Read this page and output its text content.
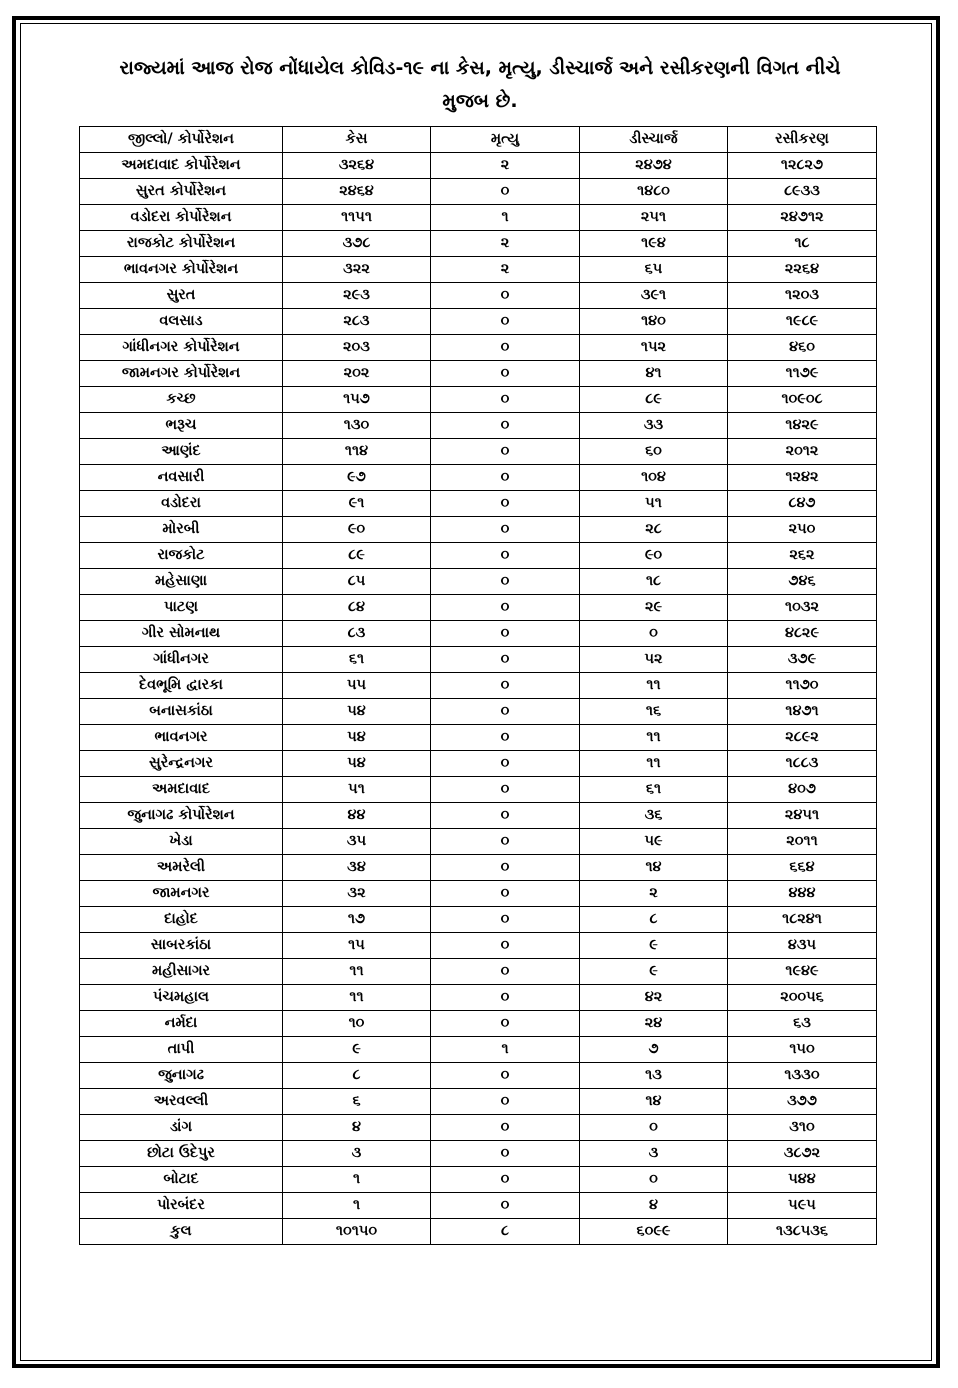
રાજ્યમાં આજ રોજ નોંધાયેલ કોવિડ-૧૯ ના કેસ, મૃત્યુ, ડીસ્ચાર્જ અને રસીકરણની વિગત નીચે
મુજબ છે.
જીલ્લો/ કોર્પોરેશન	કેસ	મૃત્યુ	ડીસ્ચાર્જ	રસીકરણ
અમદાવાદ કોર્પોરેશન	૩૨૬૪	૨	૨૪૭૪	૧૨૮૨૭
સુરત કોર્પોરેશન	૨૪૬૪	૦	૧૪૮૦	૮૯૩૩
વડોદરા કોર્પોરેશન	૧૧૫૧	૧	૨૫૧	૨૪૭૧૨
રાજકોટ કોર્પોરેશન	૩૭૮	૨	૧૯૪	૧૮
ભાવનગર કોર્પોરેશન	૩૨૨	૨	૬૫	૨૨૬૪
સુરત	૨૯૩	૦	૩૯૧	૧૨૦૩
વલસાડ	૨૮૩	૦	૧૪૦	૧૯૮૯
ગાંધીનગર કોર્પોરેશન	૨૦૩	૦	૧૫૨	૪૬૦
જામનગર કોર્પોરેશન	૨૦૨	૦	૪૧	૧૧૭૯
કચ્છ	૧૫૭	૦	૮૯	૧૦૯૦૮
ભરૂચ	૧૩૦	૦	૩૩	૧૪૨૯
આણંદ	૧૧૪	૦	૬૦	૨૦૧૨
નવસારી	૯૭	૦	૧૦૪	૧૨૪૨
વડોદરા	૯૧	૦	૫૧	૮૪૭
મોરબી	૯૦	૦	૨૮	૨૫૦
રાજકોટ	૮૯	૦	૯૦	૨૬૨
મહેસાણા	૮૫	૦	૧૮	૭૪૬
પાટણ	૮૪	૦	૨૯	૧૦૩૨
ગીર સોમનાથ	૮૩	૦	૦	૪૮૨૯
ગાંધીનગર	૬૧	૦	૫૨	૩૭૯
દેવભૂમિ દ્વારકા	૫૫	૦	૧૧	૧૧૭૦
બનાસકાંઠા	૫૪	૦	૧૬	૧૪૭૧
ભાવનગર	૫૪	૦	૧૧	૨૮૯૨
સુરેન્દ્રનગર	૫૪	૦	૧૧	૧૮૮૩
અમદાવાદ	૫૧	૦	૬૧	૪૦૭
જુનાગઢ કોર્પોરેશન	૪૪	૦	૩૬	૨૪૫૧
ખેડા	૩૫	૦	૫૯	૨૦૧૧
અમરેલી	૩૪	૦	૧૪	૬૬૪
જામનગર	૩૨	૦	૨	૪૪૪
દાહોદ	૧૭	૦	૮	૧૮૨૪૧
સાબરકાંઠા	૧૫	૦	૯	૪૩૫
મહીસાગર	૧૧	૦	૯	૧૯૪૯
પંચમહાલ	૧૧	૦	૪૨	૨૦૦૫૬
નર્મદા	૧૦	૦	૨૪	૬૩
તાપી	૯	૧	૭	૧૫૦
જુનાગઢ	૮	૦	૧૩	૧૩૩૦
અરવલ્લી	૬	૦	૧૪	૩૭૭
ડાંગ	૪	૦	૦	૩૧૦
છોટા ઉદેપુર	૩	૦	૩	૩૮૭૨
બોટાદ	૧	૦	૦	૫૪૪
પોરબંદર	૧	૦	૪	૫૯૫
કુલ	૧૦૧૫૦	૮	૬૦૯૯	૧૩૮૫૩૬
